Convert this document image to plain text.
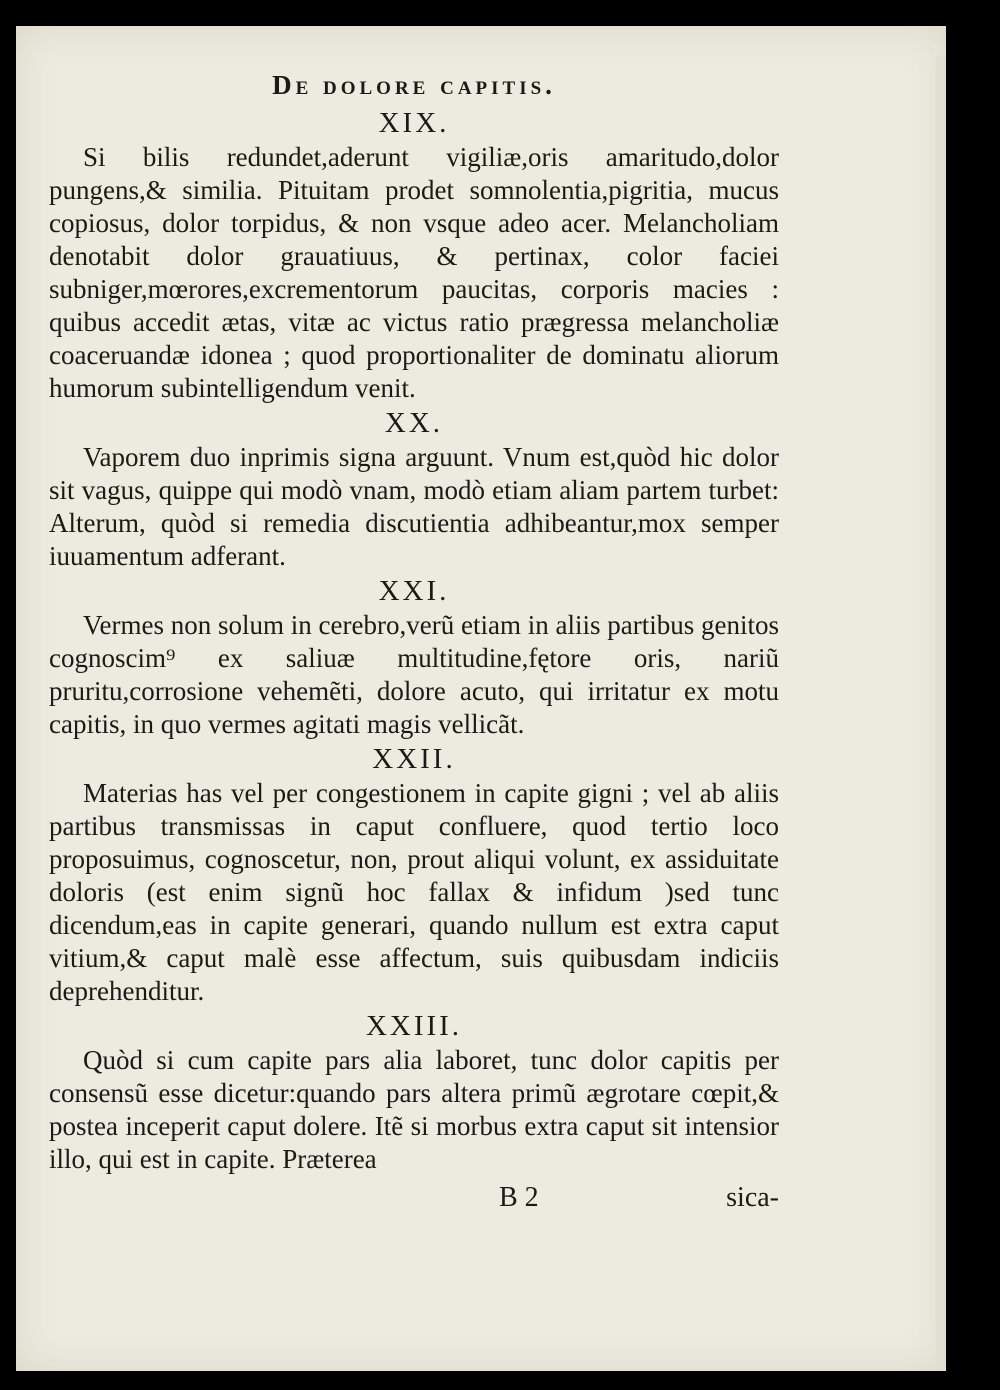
De dolore capitis.
XIX.

Si bilis redundet,aderunt vigiliæ,oris amaritudo,dolor pungens,& similia. Pituitam prodet somnolentia,pigritia, mucus copiosus, dolor torpidus, & non vsque adeo acer. Melancholiam denotabit dolor grauatiuus, & pertinax, color faciei subniger,mœrores,excrementorum paucitas, corporis macies : quibus accedit ætas, vitæ ac victus ratio prægressa melancholiæ coaceruandæ idonea ; quod proportionaliter de dominatu aliorum humorum subintelligendum venit.

XX.

Vaporem duo inprimis signa arguunt. Vnum est,quòd hic dolor sit vagus, quippe qui modò vnam, modò etiam aliam partem turbet: Alterum, quòd si remedia discutientia adhibeantur,mox semper iuuamentum adferant.

XXI.

Vermes non solum in cerebro,verũ etiam in aliis partibus genitos cognoscim⁹ ex saliuæ multitudine,fętore oris, nariũ pruritu,corrosione vehemẽti, dolore acuto, qui irritatur ex motu capitis, in quo vermes agitati magis vellicãt.

XXII.

Materias has vel per congestionem in capite gigni ; vel ab aliis partibus transmissas in caput confluere, quod tertio loco proposuimus, cognoscetur, non, prout aliqui volunt, ex assiduitate doloris (est enim signũ hoc fallax & infidum )sed tunc dicendum,eas in capite generari, quando nullum est extra caput vitium,& caput malè esse affectum, suis quibusdam indiciis deprehenditur.

XXIII.

Quòd si cum capite pars alia laboret, tunc dolor capitis per consensũ esse dicetur:quando pars altera primũ ægrotare cœpit,& postea inceperit caput dolere. Itẽ si morbus extra caput sit intensior illo, qui est in capite. Præterea

B 2	sica-
